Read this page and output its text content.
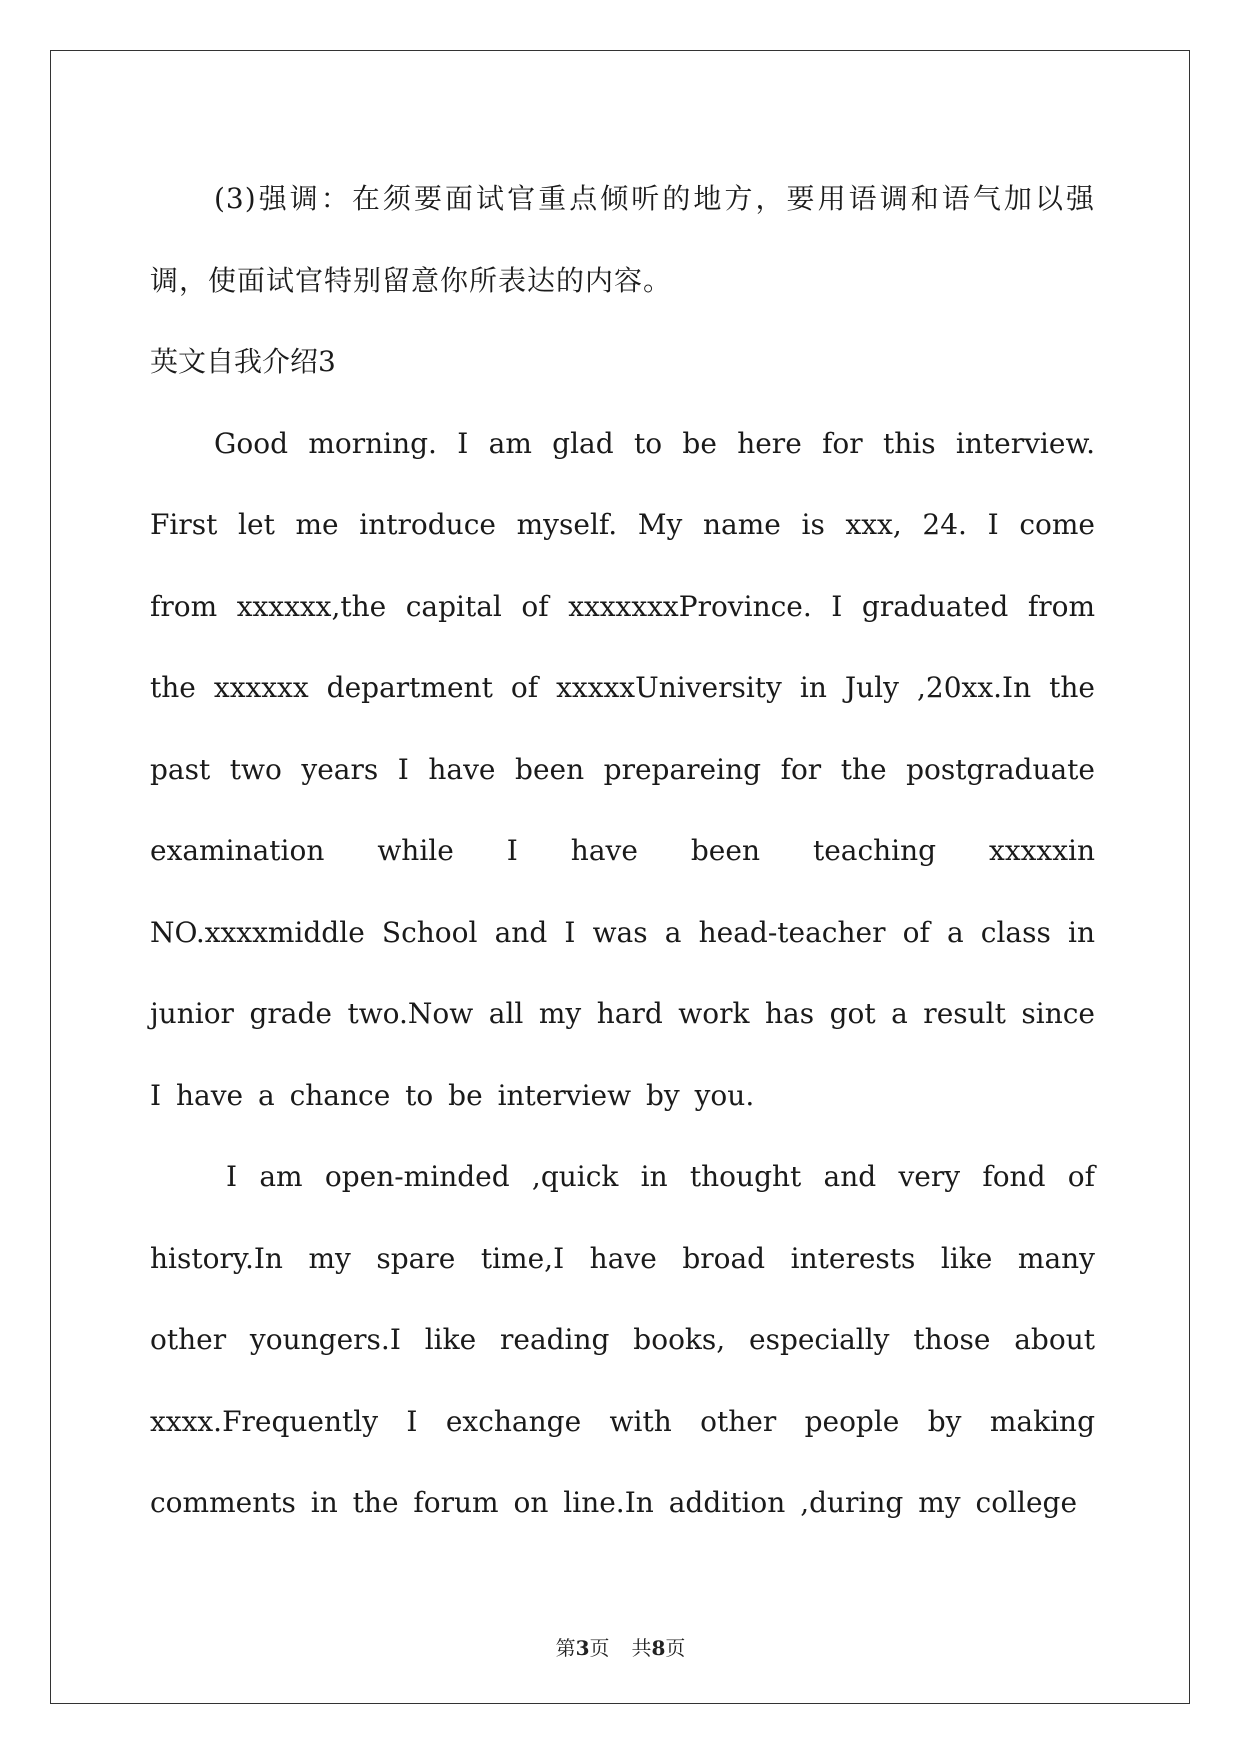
(3)强调：在须要面试官重点倾听的地方，要用语调和语气加以强调，使面试官特别留意你所表达的内容。

英文自我介绍3

Good morning. I am glad to be here for this interview. First let me introduce myself. My name is xxx, 24. I come from xxxxxx,the capital of xxxxxxxProvince. I graduated from the xxxxxx department of xxxxxUniversity in July ,20xx.In the past two years I have been prepareing for the postgraduate examination while I have been teaching xxxxxin NO.xxxxmiddle School and I was a head-teacher of a class in junior grade two.Now all my hard work has got a result since I have a chance to be interview by you.

I am open-minded ,quick in thought and very fond of history.In my spare time,I have broad interests like many other youngers.I like reading books, especially those about xxxx.Frequently I exchange with other people by making comments in the forum on line.In addition ,during my college

第3页 共8页
